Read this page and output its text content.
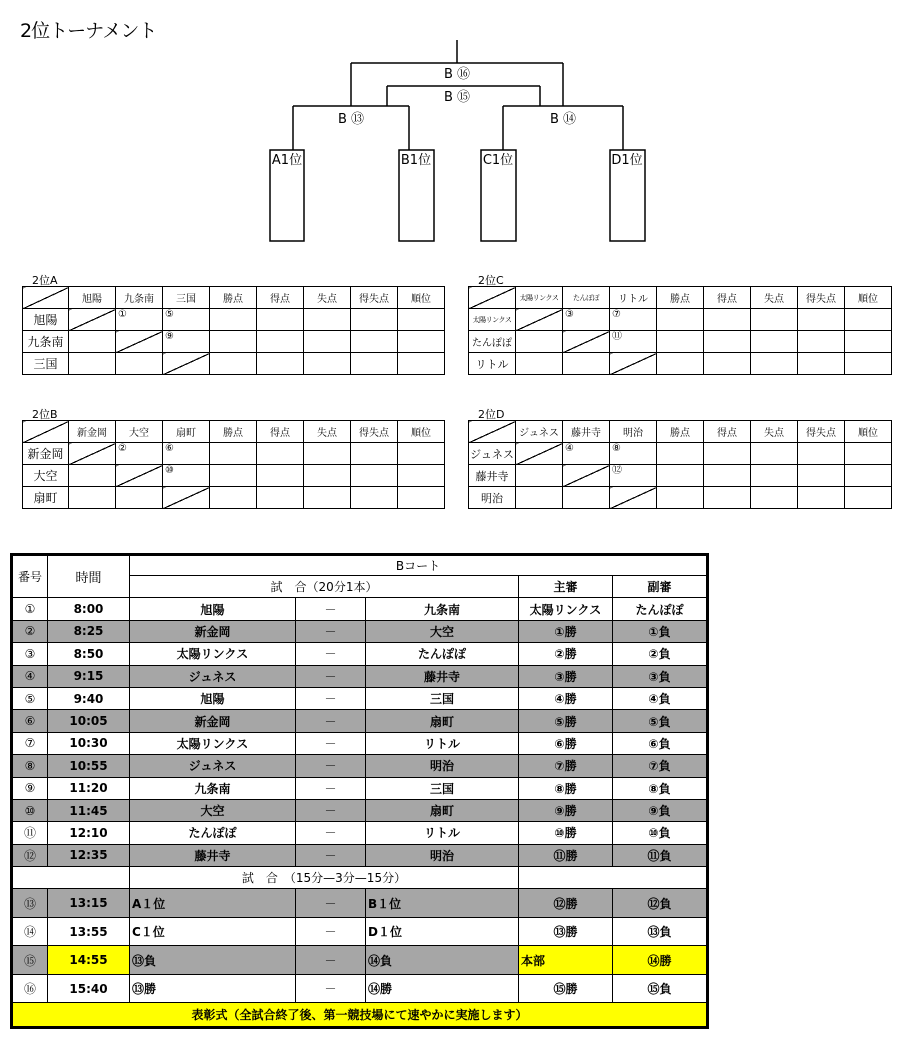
2位トーナメント
B ⑯
B ⑮
B ⑬	B ⑭
A1位	B1位	C1位	D1位
2位A
	旭陽	九条南	三国	勝点	得点	失点	得失点	順位
旭陽		①	⑤					
九条南			⑨					
三国								
2位C
	太陽リンクス	たんぽぽ	リトル	勝点	得点	失点	得失点	順位
太陽リンクス		③	⑦					
たんぽぽ			⑪					
リトル								
2位B
	新金岡	大空	扇町	勝点	得点	失点	得失点	順位
新金岡		②	⑥					
大空			⑩					
扇町								
2位D
	ジュネス	藤井寺	明治	勝点	得点	失点	得失点	順位
ジュネス		④	⑧					
藤井寺			⑫					
明治								
番号	時間	Bコート				
		試　合（20分1本）			主審	副審
①	8:00	旭陽	－	九条南	太陽リンクス	たんぽぽ
②	8:25	新金岡	－	大空	①勝	①負
③	8:50	太陽リンクス	－	たんぽぽ	②勝	②負
④	9:15	ジュネス	－	藤井寺	③勝	③負
⑤	9:40	旭陽	－	三国	④勝	④負
⑥	10:05	新金岡	－	扇町	⑤勝	⑤負
⑦	10:30	太陽リンクス	－	リトル	⑥勝	⑥負
⑧	10:55	ジュネス	－	明治	⑦勝	⑦負
⑨	11:20	九条南	－	三国	⑧勝	⑧負
⑩	11:45	大空	－	扇町	⑨勝	⑨負
⑪	12:10	たんぽぽ	－	リトル	⑩勝	⑩負
⑫	12:35	藤井寺	－	明治	⑪勝	⑪負
		試　合　（15分—3分—15分）				
⑬	13:15	A１位	－	B１位	⑫勝	⑫負
⑭	13:55	C１位	－	D１位	⑬勝	⑬負
⑮	14:55	⑬負	－	⑭負	本部	⑭勝
⑯	15:40	⑬勝	－	⑭勝	⑮勝	⑮負
表彰式（全試合終了後、第一競技場にて速やかに実施します）						
